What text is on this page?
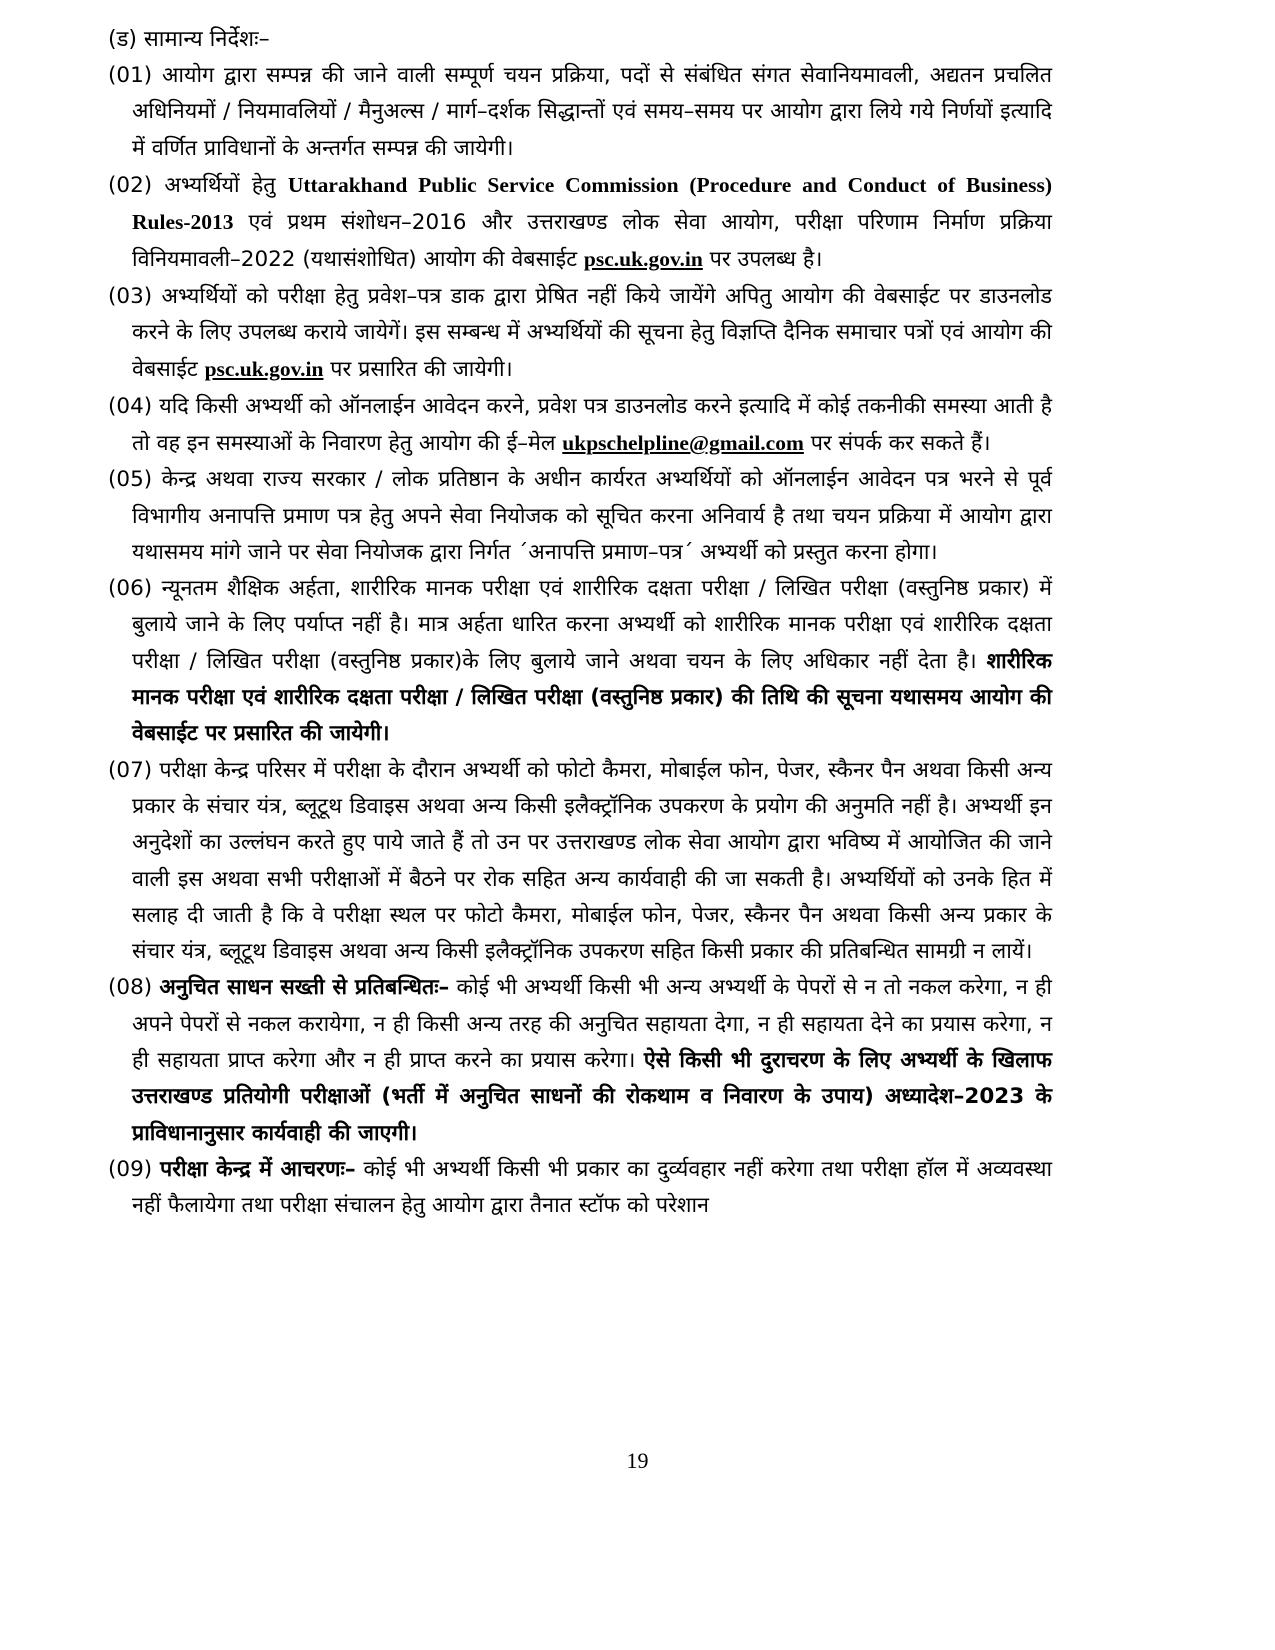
(ड) सामान्य निर्देशः–

(01) आयोग द्वारा सम्पन्न की जाने वाली सम्पूर्ण चयन प्रक्रिया, पदों से संबंधित संगत सेवानियमावली, अद्यतन प्रचलित अधिनियमों / नियमावलियों / मैनुअल्स / मार्ग–दर्शक सिद्धान्तों एवं समय–समय पर आयोग द्वारा लिये गये निर्णयों इत्यादि में वर्णित प्राविधानों के अन्तर्गत सम्पन्न की जायेगी।

(02) अभ्यर्थियों हेतु Uttarakhand Public Service Commission (Procedure and Conduct of Business) Rules-2013 एवं प्रथम संशोधन–2016 और उत्तराखण्ड लोक सेवा आयोग, परीक्षा परिणाम निर्माण प्रक्रिया विनियमावली–2022 (यथासंशोधित) आयोग की वेबसाईट psc.uk.gov.in पर उपलब्ध है।

(03) अभ्यर्थियों को परीक्षा हेतु प्रवेश–पत्र डाक द्वारा प्रेषित नहीं किये जायेंगे अपितु आयोग की वेबसाईट पर डाउनलोड करने के लिए उपलब्ध कराये जायेगें। इस सम्बन्ध में अभ्यर्थियों की सूचना हेतु विज्ञप्ति दैनिक समाचार पत्रों एवं आयोग की वेबसाईट psc.uk.gov.in पर प्रसारित की जायेगी।

(04) यदि किसी अभ्यर्थी को ऑनलाईन आवेदन करने, प्रवेश पत्र डाउनलोड करने इत्यादि में कोई तकनीकी समस्या आती है तो वह इन समस्याओं के निवारण हेतु आयोग की ई–मेल ukpschelpline@gmail.com पर संपर्क कर सकते हैं।

(05) केन्द्र अथवा राज्य सरकार / लोक प्रतिष्ठान के अधीन कार्यरत अभ्यर्थियों को ऑनलाईन आवेदन पत्र भरने से पूर्व विभागीय अनापत्ति प्रमाण पत्र हेतु अपने सेवा नियोजक को सूचित करना अनिवार्य है तथा चयन प्रक्रिया में आयोग द्वारा यथासमय मांगे जाने पर सेवा नियोजक द्वारा निर्गत ´अनापत्ति प्रमाण–पत्र´ अभ्यर्थी को प्रस्तुत करना होगा।

(06) न्यूनतम शैक्षिक अर्हता, शारीरिक मानक परीक्षा एवं शारीरिक दक्षता परीक्षा / लिखित परीक्षा (वस्तुनिष्ठ प्रकार) में बुलाये जाने के लिए पर्याप्त नहीं है। मात्र अर्हता धारित करना अभ्यर्थी को शारीरिक मानक परीक्षा एवं शारीरिक दक्षता परीक्षा / लिखित परीक्षा (वस्तुनिष्ठ प्रकार)के लिए बुलाये जाने अथवा चयन के लिए अधिकार नहीं देता है। शारीरिक मानक परीक्षा एवं शारीरिक दक्षता परीक्षा / लिखित परीक्षा (वस्तुनिष्ठ प्रकार) की तिथि की सूचना यथासमय आयोग की वेबसाईट पर प्रसारित की जायेगी।

(07) परीक्षा केन्द्र परिसर में परीक्षा के दौरान अभ्यर्थी को फोटो कैमरा, मोबाईल फोन, पेजर, स्कैनर पैन अथवा किसी अन्य प्रकार के संचार यंत्र, ब्लूटूथ डिवाइस अथवा अन्य किसी इलैक्ट्रॉनिक उपकरण के प्रयोग की अनुमति नहीं है। अभ्यर्थी इन अनुदेशों का उल्लंघन करते हुए पाये जाते हैं तो उन पर उत्तराखण्ड लोक सेवा आयोग द्वारा भविष्य में आयोजित की जाने वाली इस अथवा सभी परीक्षाओं में बैठने पर रोक सहित अन्य कार्यवाही की जा सकती है। अभ्यर्थियों को उनके हित में सलाह दी जाती है कि वे परीक्षा स्थल पर फोटो कैमरा, मोबाईल फोन, पेजर, स्कैनर पैन अथवा किसी अन्य प्रकार के संचार यंत्र, ब्लूटूथ डिवाइस अथवा अन्य किसी इलैक्ट्रॉनिक उपकरण सहित किसी प्रकार की प्रतिबन्धित सामग्री न लायें।

(08) अनुचित साधन सख्ती से प्रतिबन्धितः– कोई भी अभ्यर्थी किसी भी अन्य अभ्यर्थी के पेपरों से न तो नकल करेगा, न ही अपने पेपरों से नकल करायेगा, न ही किसी अन्य तरह की अनुचित सहायता देगा, न ही सहायता देने का प्रयास करेगा, न ही सहायता प्राप्त करेगा और न ही प्राप्त करने का प्रयास करेगा। ऐसे किसी भी दुराचरण के लिए अभ्यर्थी के खिलाफ उत्तराखण्ड प्रतियोगी परीक्षाओं (भर्ती में अनुचित साधनों की रोकथाम व निवारण के उपाय) अध्यादेश–2023 के प्राविधानानुसार कार्यवाही की जाएगी।

(09) परीक्षा केन्द्र में आचरणः– कोई भी अभ्यर्थी किसी भी प्रकार का दुर्व्यवहार नहीं करेगा तथा परीक्षा हॉल में अव्यवस्था नहीं फैलायेगा तथा परीक्षा संचालन हेतु आयोग द्वारा तैनात स्टॉफ को परेशान

19
